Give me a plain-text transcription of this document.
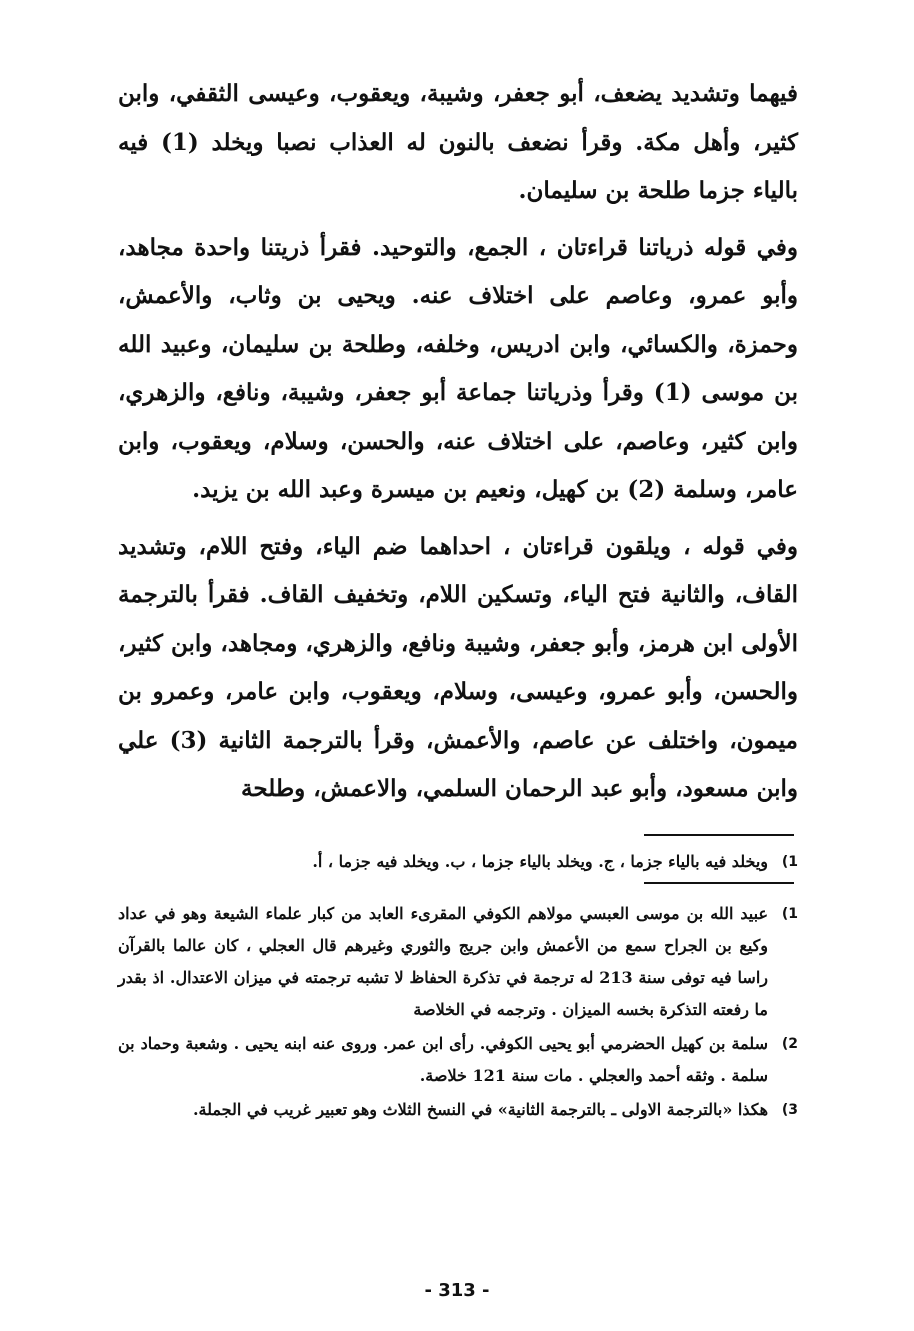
فيهما وتشديد يضعف، أبو جعفر، وشيبة، ويعقوب، وعيسى الثقفي، وابن كثير، وأهل مكة. وقرأ نضعف بالنون له العذاب نصبا ويخلد (1) فيه بالياء جزما طلحة بن سليمان.

وفي قوله ذرياتنا قراءتان ، الجمع، والتوحيد. فقرأ ذريتنا واحدة مجاهد، وأبو عمرو، وعاصم على اختلاف عنه. ويحيى بن وثاب، والأعمش، وحمزة، والكسائي، وابن ادريس، وخلفه، وطلحة بن سليمان، وعبيد الله بن موسى (1) وقرأ وذرياتنا جماعة أبو جعفر، وشيبة، ونافع، والزهري، وابن كثير، وعاصم، على اختلاف عنه، والحسن، وسلام، ويعقوب، وابن عامر، وسلمة (2) بن كهيل، ونعيم بن ميسرة وعبد الله بن يزيد.

وفي قوله ، ويلقون قراءتان ، احداهما ضم الياء، وفتح اللام، وتشديد القاف، والثانية فتح الياء، وتسكين اللام، وتخفيف القاف. فقرأ بالترجمة الأولى ابن هرمز، وأبو جعفر، وشيبة ونافع، والزهري، ومجاهد، وابن كثير، والحسن، وأبو عمرو، وعيسى، وسلام، ويعقوب، وابن عامر، وعمرو بن ميمون، واختلف عن عاصم، والأعمش، وقرأ بالترجمة الثانية (3) علي وابن مسعود، وأبو عبد الرحمان السلمي، والاعمش، وطلحة

1)
ويخلد فيه بالياء جزما ، ج. ويخلد بالياء جزما ، ب. ويخلد فيه جزما ، أ.
1)
عبيد الله بن موسى العبسي مولاهم الكوفي المقرىء العابد من كبار علماء الشيعة وهو في عداد وكيع بن الجراح سمع من الأعمش وابن جريج والثوري وغيرهم قال العجلي ، كان عالما بالقرآن راسا فيه توفى سنة 213 له ترجمة في تذكرة الحفاظ لا تشبه ترجمته في ميزان الاعتدال. اذ بقدر ما رفعته التذكرة بخسه الميزان . وترجمه في الخلاصة
2)
سلمة بن كهيل الحضرمي أبو يحيى الكوفي. رأى ابن عمر. وروى عنه ابنه يحيى . وشعبة وحماد بن سلمة . وثقه أحمد والعجلي . مات سنة 121 خلاصة.
3)
هكذا «بالترجمة الاولى ـ بالترجمة الثانية» في النسخ الثلاث وهو تعبير غريب في الجملة.
- 313 -
